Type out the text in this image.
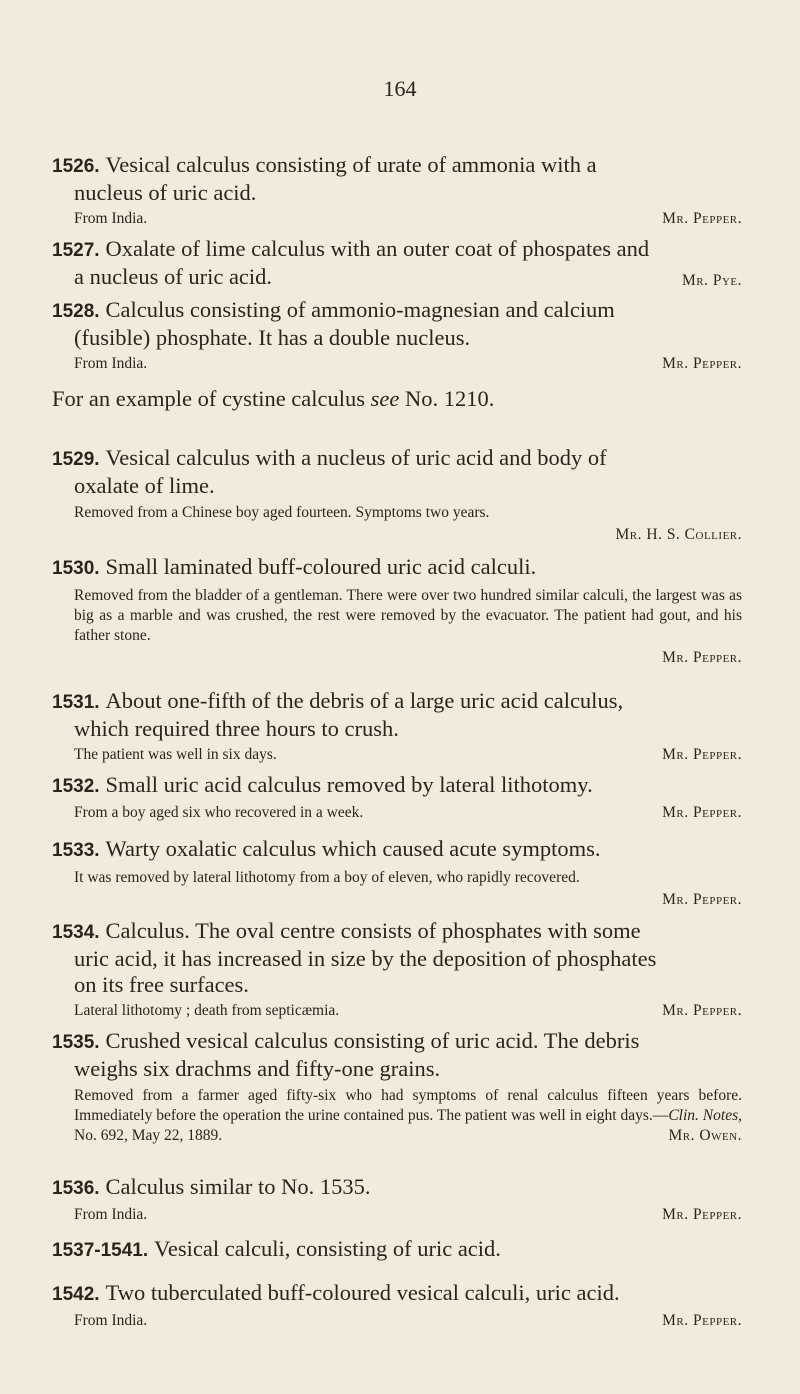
164
1526. Vesical calculus consisting of urate of ammonia with a
nucleus of uric acid.
From India.	Mr. Pepper.
1527. Oxalate of lime calculus with an outer coat of phospates and
a nucleus of uric acid.	Mr. Pye.
1528. Calculus consisting of ammonio-magnesian and calcium
(fusible) phosphate. It has a double nucleus.
From India.	Mr. Pepper.
For an example of cystine calculus see No. 1210.
1529. Vesical calculus with a nucleus of uric acid and body of
oxalate of lime.
Removed from a Chinese boy aged fourteen. Symptoms two years.
Mr. H. S. Collier.
1530. Small laminated buff-coloured uric acid calculi.
Removed from the bladder of a gentleman. There were over two hundred similar calculi, the largest was as big as a marble and was crushed, the rest were removed by the evacuator. The patient had gout, and his father stone.
Mr. Pepper.
1531. About one-fifth of the debris of a large uric acid calculus,
which required three hours to crush.
The patient was well in six days.	Mr. Pepper.
1532. Small uric acid calculus removed by lateral lithotomy.
From a boy aged six who recovered in a week.	Mr. Pepper.
1533. Warty oxalatic calculus which caused acute symptoms.
It was removed by lateral lithotomy from a boy of eleven, who rapidly recovered.
Mr. Pepper.
1534. Calculus. The oval centre consists of phosphates with some
uric acid, it has increased in size by the deposition of phosphates
on its free surfaces.
Lateral lithotomy ; death from septicæmia.	Mr. Pepper.
1535. Crushed vesical calculus consisting of uric acid. The debris
weighs six drachms and fifty-one grains.
Removed from a farmer aged fifty-six who had symptoms of renal calculus fifteen years before. Immediately before the operation the urine contained pus. The patient was well in eight days.—Clin. Notes, No. 692, May 22, 1889.	Mr. Owen.
1536. Calculus similar to No. 1535.
From India.	Mr. Pepper.
1537-1541. Vesical calculi, consisting of uric acid.
1542. Two tuberculated buff-coloured vesical calculi, uric acid.
From India.	Mr. Pepper.
